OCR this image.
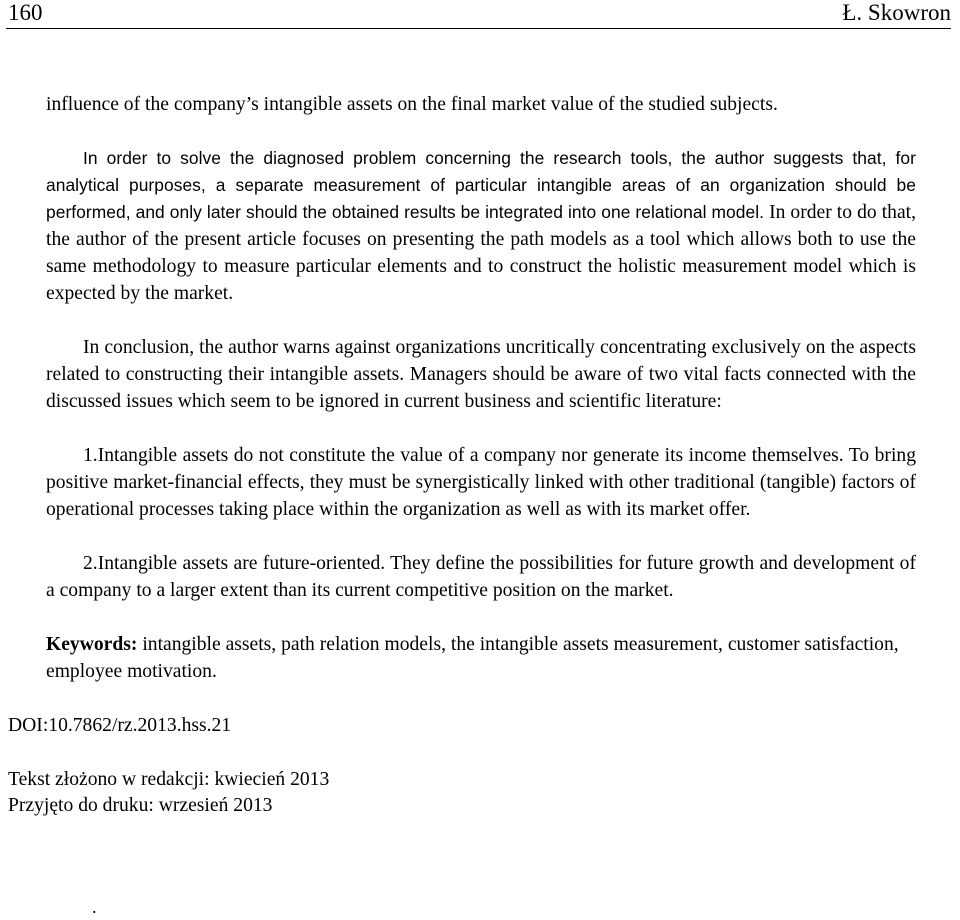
160	Ł. Skowron

influence of the company’s intangible assets on the final market value of the studied subjects.

In order to solve the diagnosed problem concerning the research tools, the author suggests that, for analytical purposes, a separate measurement of particular intangible areas of an organization should be performed, and only later should the obtained results be integrated into one relational model. In order to do that, the author of the present article focuses on presenting the path models as a tool which allows both to use the same methodology to measure particular elements and to construct the holistic measurement model which is expected by the market.

In conclusion, the author warns against organizations uncritically concentrating exclusively on the aspects related to constructing their intangible assets. Managers should be aware of two vital facts connected with the discussed issues which seem to be ignored in current business and scientific literature:

1.Intangible assets do not constitute the value of a company nor generate its income themselves. To bring positive market-financial effects, they must be synergistically linked with other traditional (tangible) factors of operational processes taking place within the organization as well as with its market offer.

2.Intangible assets are future-oriented. They define the possibilities for future growth and development of a company to a larger extent than its current competitive position on the market.

Keywords: intangible assets, path relation models, the intangible assets measurement, customer satisfaction, employee motivation.

DOI:10.7862/rz.2013.hss.21

Tekst złożono w redakcji: kwiecień 2013

Przyjęto do druku: wrzesień 2013

.
